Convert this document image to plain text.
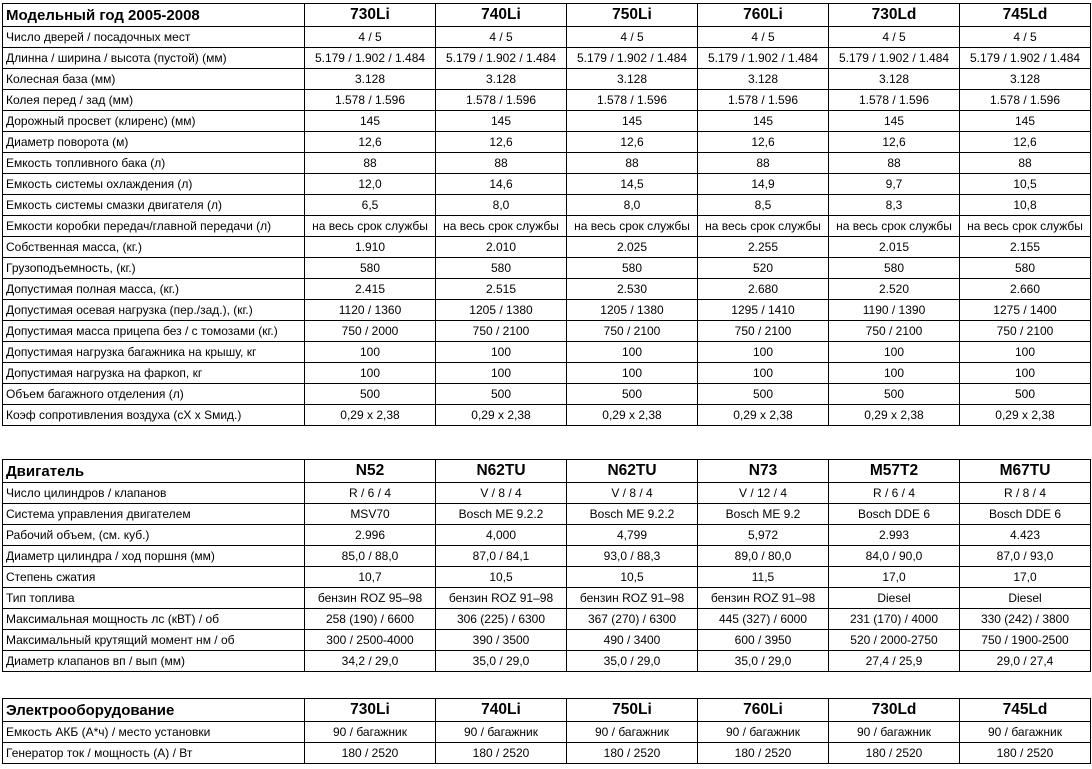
Модельный год 2005-2008	730Li	740Li	750Li	760Li	730Ld	745Ld
Число дверей / посадочных мест	4 / 5	4 / 5	4 / 5	4 / 5	4 / 5	4 / 5
Длинна / ширина / высота (пустой) (мм)	5.179 / 1.902 / 1.484	5.179 / 1.902 / 1.484	5.179 / 1.902 / 1.484	5.179 / 1.902 / 1.484	5.179 / 1.902 / 1.484	5.179 / 1.902 / 1.484
Колесная база (мм)	3.128	3.128	3.128	3.128	3.128	3.128
Колея перед / зад (мм)	1.578 / 1.596	1.578 / 1.596	1.578 / 1.596	1.578 / 1.596	1.578 / 1.596	1.578 / 1.596
Дорожный просвет (клиренс) (мм)	145	145	145	145	145	145
Диаметр поворота (м)	12,6	12,6	12,6	12,6	12,6	12,6
Емкость топливного бака (л)	88	88	88	88	88	88
Емкость системы охлаждения (л)	12,0	14,6	14,5	14,9	9,7	10,5
Емкость системы смазки двигателя (л)	6,5	8,0	8,0	8,5	8,3	10,8
Емкости коробки передач/главной передачи (л)	на весь срок службы	на весь срок службы	на весь срок службы	на весь срок службы	на весь срок службы	на весь срок службы
Собственная масса, (кг.)	1.910	2.010	2.025	2.255	2.015	2.155
Грузоподъемность, (кг.)	580	580	580	520	580	580
Допустимая полная масса, (кг.)	2.415	2.515	2.530	2.680	2.520	2.660
Допустимая осевая нагрузка (пер./зад.), (кг.)	1120 / 1360	1205 / 1380	1205 / 1380	1295 / 1410	1190 / 1390	1275 / 1400
Допустимая масса прицепа без / с томозами (кг.)	750 / 2000	750 / 2100	750 / 2100	750 / 2100	750 / 2100	750 / 2100
Допустимая нагрузка багажника на крышу, кг	100	100	100	100	100	100
Допустимая нагрузка на фаркоп, кг	100	100	100	100	100	100
Объем багажного отделения (л)	500	500	500	500	500	500
Коэф сопротивления воздуха (cX x Sмид.)	0,29 x 2,38	0,29 x 2,38	0,29 x 2,38	0,29 x 2,38	0,29 x 2,38	0,29 x 2,38
Двигатель	N52	N62TU	N62TU	N73	M57T2	M67TU
Число цилиндров / клапанов	R / 6 / 4	V / 8 / 4	V / 8 / 4	V / 12 / 4	R / 6 / 4	R / 8 / 4
Система управления двигателем	MSV70	Bosch ME 9.2.2	Bosch ME 9.2.2	Bosch ME 9.2	Bosch DDE 6	Bosch DDE 6
Рабочий объем, (см. куб.)	2.996	4,000	4,799	5,972	2.993	4.423
Диаметр цилиндра / ход поршня (мм)	85,0 / 88,0	87,0 / 84,1	93,0 / 88,3	89,0 / 80,0	84,0 / 90,0	87,0 / 93,0
Степень сжатия	10,7	10,5	10,5	11,5	17,0	17,0
Тип топлива	бензин ROZ 95–98	бензин ROZ 91–98	бензин ROZ 91–98	бензин ROZ 91–98	Diesel	Diesel
Максимальная мощность лс (кВТ) / об	258 (190) / 6600	306 (225) / 6300	367 (270) / 6300	445 (327) / 6000	231 (170) / 4000	330 (242) / 3800
Максимальный крутящий момент нм / об	300 / 2500-4000	390 / 3500	490 / 3400	600 / 3950	520 / 2000-2750	750 / 1900-2500
Диаметр клапанов вп / вып (мм)	34,2 / 29,0	35,0 / 29,0	35,0 / 29,0	35,0 / 29,0	27,4 / 25,9	29,0 / 27,4
Электрооборудование	730Li	740Li	750Li	760Li	730Ld	745Ld
Емкость АКБ (А*ч) / место установки	90 / багажник	90 / багажник	90 / багажник	90 / багажник	90 / багажник	90 / багажник
Генератор ток / мощность (А) / Вт	180 / 2520	180 / 2520	180 / 2520	180 / 2520	180 / 2520	180 / 2520
